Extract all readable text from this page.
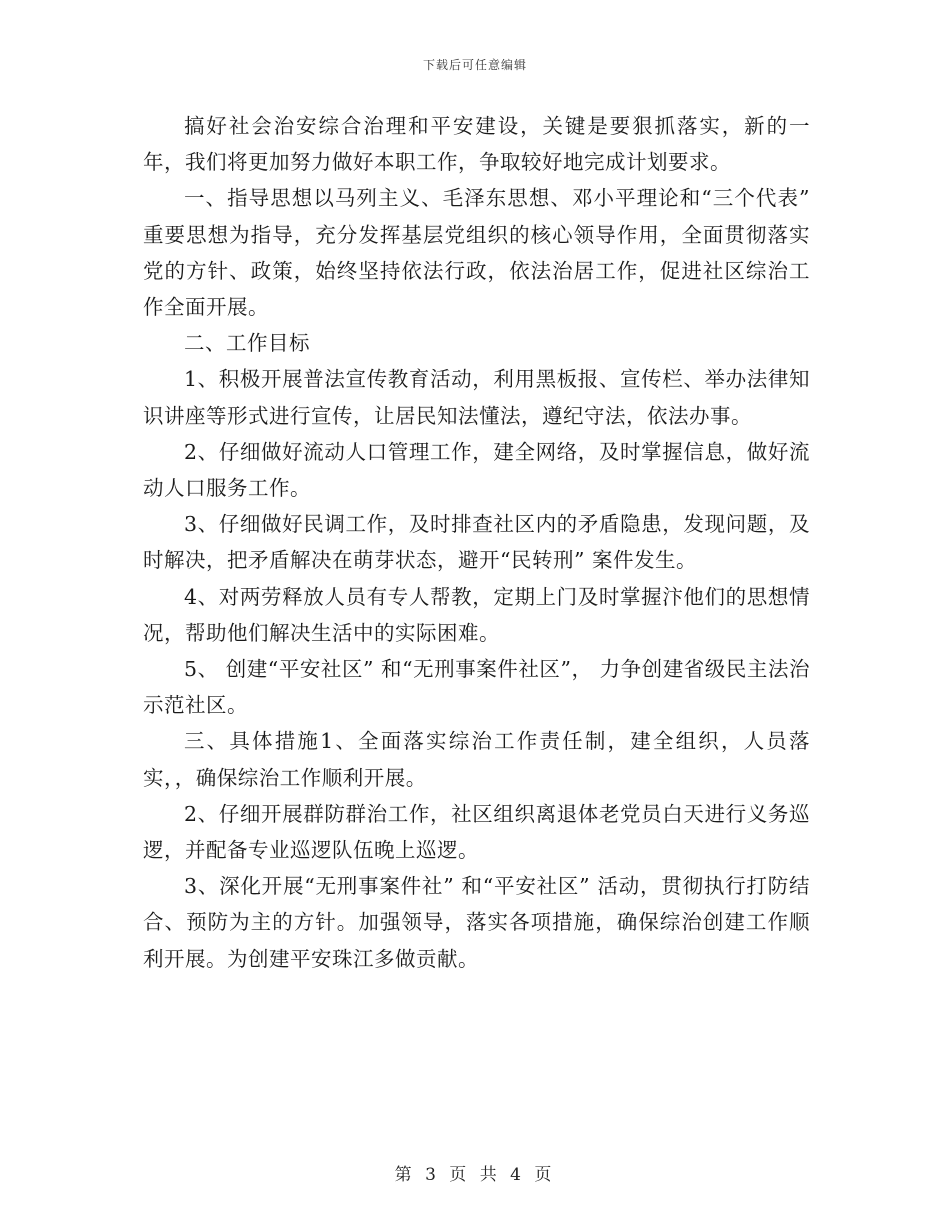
下载后可任意编辑

搞好社会治安综合治理和平安建设，关键是要狠抓落实，新的一年，我们将更加努力做好本职工作，争取较好地完成计划要求。

一、指导思想以马列主义、毛泽东思想、邓小平理论和“三个代表” 重要思想为指导，充分发挥基层党组织的核心领导作用，全面贯彻落实党的方针、政策，始终坚持依法行政，依法治居工作，促进社区综治工作全面开展。

二、工作目标

1、积极开展普法宣传教育活动，利用黑板报、宣传栏、举办法律知识讲座等形式进行宣传，让居民知法懂法，遵纪守法，依法办事。

2、仔细做好流动人口管理工作，建全网络，及时掌握信息，做好流动人口服务工作。

3、仔细做好民调工作，及时排查社区内的矛盾隐患，发现问题，及时解决，把矛盾解决在萌芽状态，避开“民转刑” 案件发生。

4、对两劳释放人员有专人帮教，定期上门及时掌握汴他们的思想情况，帮助他们解决生活中的实际困难。

5、 创建“平安社区” 和“无刑事案件社区”， 力争创建省级民主法治示范社区。

三、具体措施1、全面落实综治工作责任制，建全组织，人员落实，，确保综治工作顺利开展。

2、仔细开展群防群治工作，社区组织离退体老党员白天进行义务巡逻，并配备专业巡逻队伍晚上巡逻。

3、深化开展“无刑事案件社” 和“平安社区” 活动，贯彻执行打防结合、预防为主的方针。加强领导，落实各项措施，确保综治创建工作顺利开展。为创建平安珠江多做贡献。

第 3 页 共 4 页
